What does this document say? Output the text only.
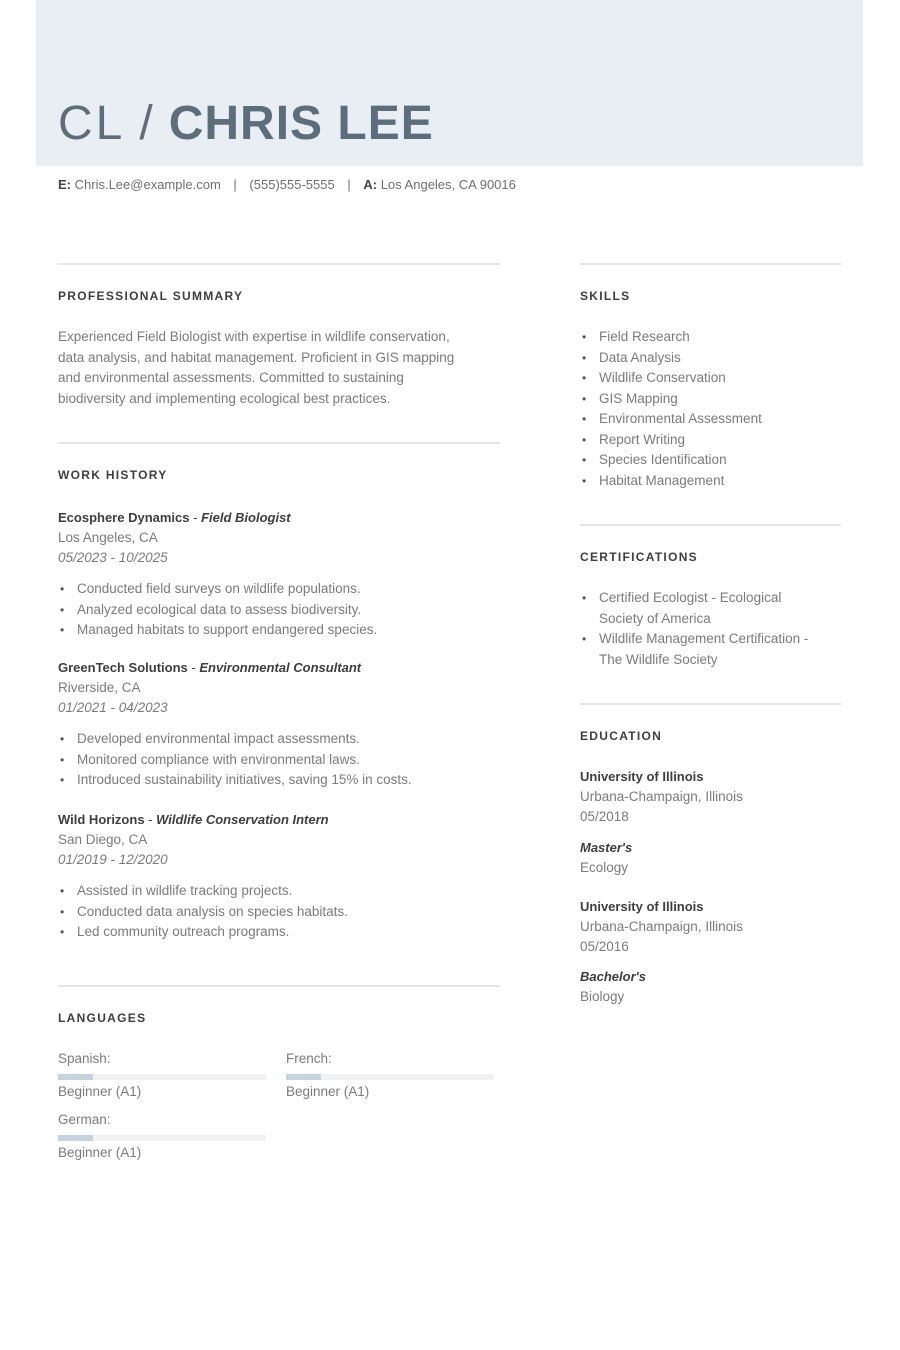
CL / CHRIS LEE
E: Chris.Lee@example.com | (555)555-5555 | A: Los Angeles, CA 90016
PROFESSIONAL SUMMARY
Experienced Field Biologist with expertise in wildlife conservation,
data analysis, and habitat management. Proficient in GIS mapping
and environmental assessments. Committed to sustaining
biodiversity and implementing ecological best practices.
WORK HISTORY
Ecosphere Dynamics - Field Biologist
Los Angeles, CA
05/2023 - 10/2025
• Conducted field surveys on wildlife populations.
• Analyzed ecological data to assess biodiversity.
• Managed habitats to support endangered species.
GreenTech Solutions - Environmental Consultant
Riverside, CA
01/2021 - 04/2023
• Developed environmental impact assessments.
• Monitored compliance with environmental laws.
• Introduced sustainability initiatives, saving 15% in costs.
Wild Horizons - Wildlife Conservation Intern
San Diego, CA
01/2019 - 12/2020
• Assisted in wildlife tracking projects.
• Conducted data analysis on species habitats.
• Led community outreach programs.
LANGUAGES
Spanish:
Beginner (A1)
French:
Beginner (A1)
German:
Beginner (A1)
SKILLS
• Field Research
• Data Analysis
• Wildlife Conservation
• GIS Mapping
• Environmental Assessment
• Report Writing
• Species Identification
• Habitat Management
CERTIFICATIONS
• Certified Ecologist - Ecological
Society of America
• Wildlife Management Certification -
The Wildlife Society
EDUCATION
University of Illinois
Urbana-Champaign, Illinois
05/2018
Master's
Ecology
University of Illinois
Urbana-Champaign, Illinois
05/2016
Bachelor's
Biology
